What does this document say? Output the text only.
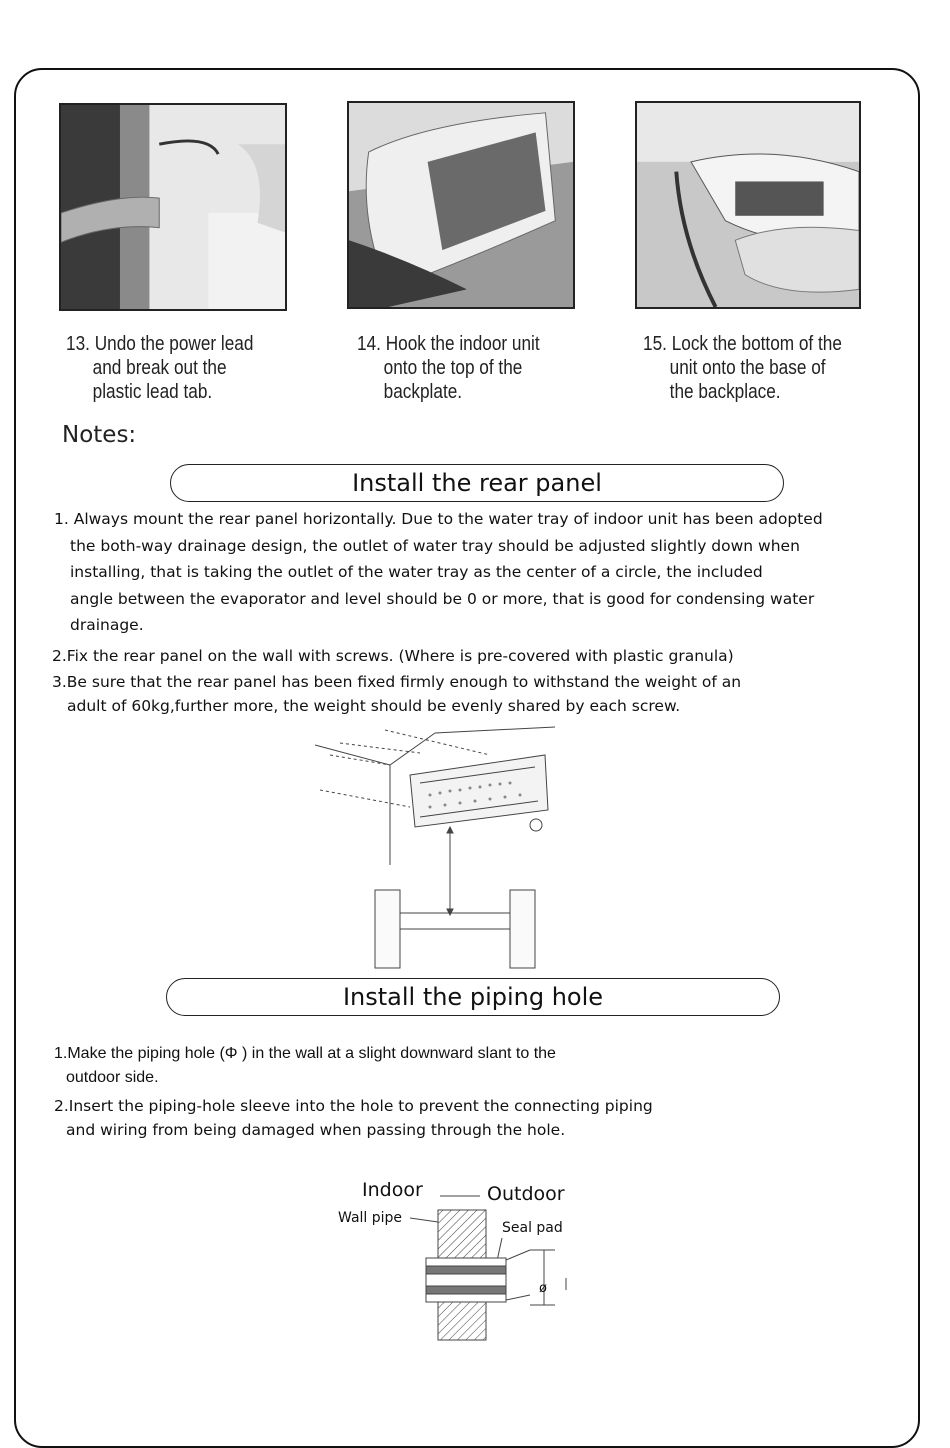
13. Undo the power lead
and break out the
plastic lead tab.
14. Hook the indoor unit
onto the top of the
backplate.
15. Lock the bottom of the
unit onto the base of
the backplace.
Notes:
Install the rear panel
1. Always mount the rear panel horizontally. Due to the water tray of indoor unit has been adopted
the both-way drainage design, the outlet of water tray should be adjusted slightly down when
installing, that is taking the outlet of the water tray as the center of a circle, the included
angle between the evaporator and level should be 0 or more, that is good for condensing water
drainage.
2.Fix the rear panel on the wall with screws. (Where is pre-covered with plastic granula)
3.Be sure that the rear panel has been fixed firmly enough to withstand the weight of an
adult of 60kg,further more, the weight should be evenly shared by each screw.
Install the piping hole
1.Make the piping hole (Φ ) in the wall at a slight downward slant to the
outdoor side.
2.Insert the piping-hole sleeve into the hole to prevent the connecting piping
and wiring from being damaged when passing through the hole.
Indoor	Outdoor
Wall pipe
Seal pad
ø
